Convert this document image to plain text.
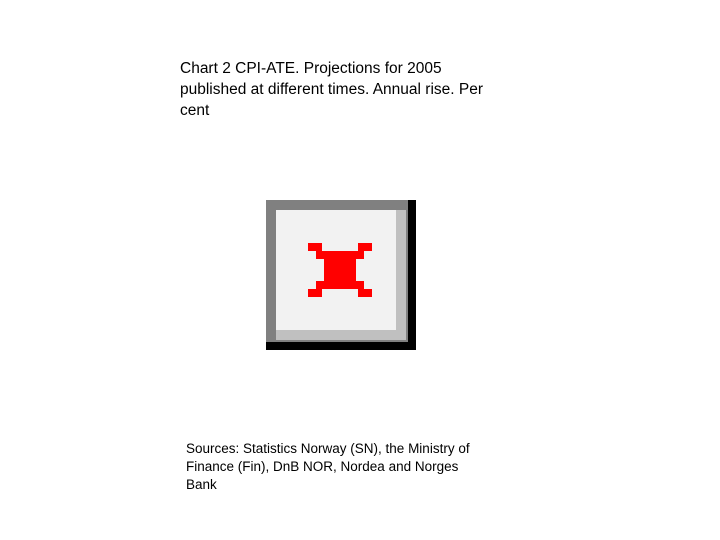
Chart 2 CPI-ATE. Projections for 2005 published at different times. Annual rise. Per cent
Sources: Statistics Norway (SN), the Ministry of Finance (Fin), DnB NOR, Nordea and Norges Bank
